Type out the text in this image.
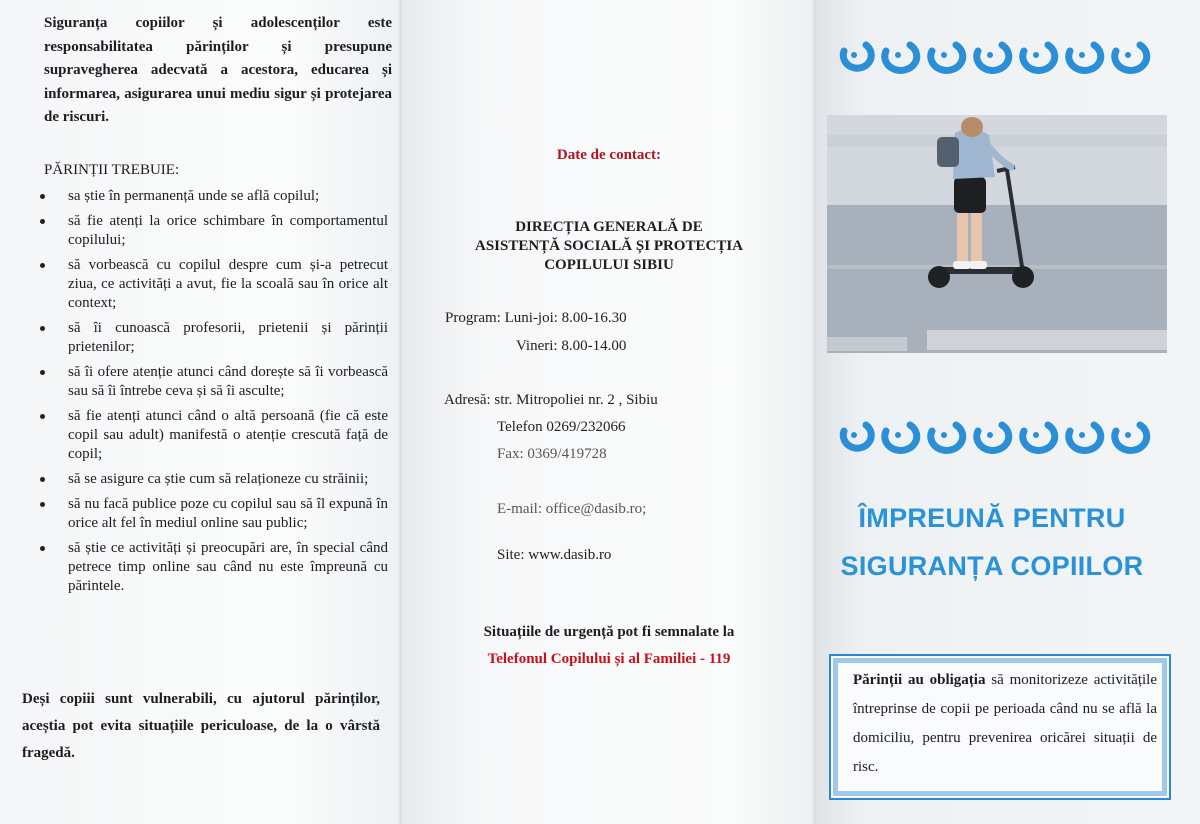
Siguranța copiilor și adolescenților este responsabilitatea părinților și presupune supravegherea adecvată a acestora, educarea și informarea, asigurarea unui mediu sigur și protejarea de riscuri.
PĂRINȚII TREBUIE:
sa știe în permanență unde se află copilul;
să fie atenți la orice schimbare în comportamentul copilului;
să vorbească cu copilul despre cum și-a petrecut ziua, ce activități a avut, fie la scoală sau în orice alt context;
să îi cunoască profesorii, prietenii și părinții prietenilor;
să îi ofere atenție atunci când dorește să îi vorbească sau să îi întrebe ceva și să îi asculte;
să fie atenți atunci când o altă persoană (fie că este copil sau adult) manifestă o atenție crescută față de copil;
să se asigure ca știe cum să relaționeze cu străinii;
să nu facă publice poze cu copilul sau să îl expună în orice alt fel în mediul online sau public;
să știe ce activități și preocupări are, în special când petrece timp online sau când nu este împreună cu părintele.
Deși copiii sunt vulnerabili, cu ajutorul părinților, aceștia pot evita situațiile periculoase, de la o vârstă fragedă.
Date de contact:
DIRECȚIA GENERALĂ DE
ASISTENȚĂ SOCIALĂ ȘI PROTECȚIA
COPILULUI SIBIU
Program: Luni-joi: 8.00-16.30
Vineri: 8.00-14.00
Adresă: str. Mitropoliei nr. 2 , Sibiu
Telefon 0269/232066
Fax: 0369/419728
E-mail: office@dasib.ro;
Site: www.dasib.ro
Situațiile de urgență pot fi semnalate la
Telefonul Copilului și al Familiei - 119
ÎMPREUNĂ PENTRU
SIGURANȚA COPIILOR
Părinții au obligația să monitorizeze activitățile întreprinse de copii pe perioada când nu se află la domiciliu, pentru prevenirea oricărei situații de risc.
